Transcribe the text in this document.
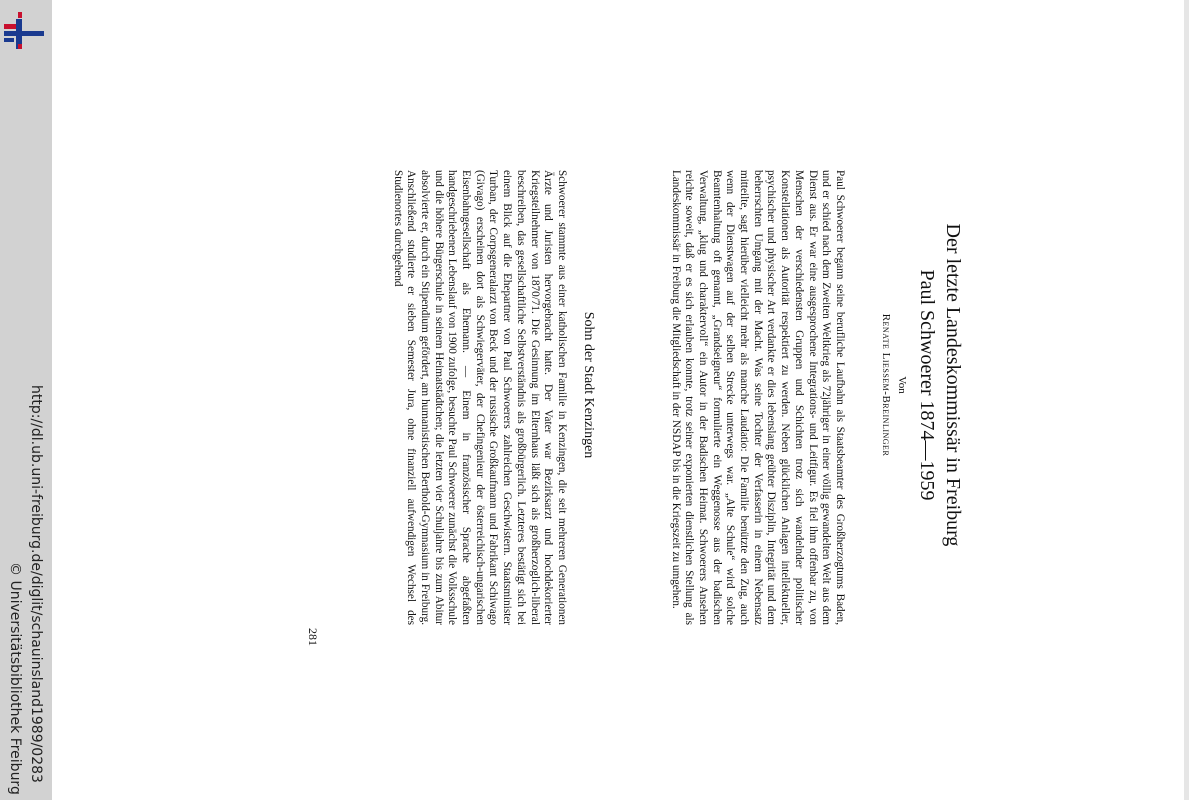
http://dl.ub.uni-freiburg.de/diglit/schauinsland1989/0283
© Universitätsbibliothek Freiburg
Der letzte Landeskommissär in Freiburg
Paul Schwoerer 1874—1959
Von
Renate Liessem-Breinlinger
Paul Schwoerer begann seine berufliche Laufbahn als Staatsbeamter des Großherzogtums Baden, und er schied nach dem Zweiten Weltkrieg als 72jähriger in einer völlig gewandelten Welt aus dem Dienst aus. Er war eine ausgesprochene Integrations- und Leitfigur. Es fiel ihm offenbar zu, von Menschen der verschiedensten Gruppen und Schichten trotz sich wandelnder politischer Konstellationen als Autorität respektiert zu werden. Neben glücklichen Anlagen intellektueller, psychischer und physischer Art verdankte er dies lebenslang geübter Disziplin, Integrität und dem beherrschten Umgang mit der Macht. Was seine Tochter der Verfasserin in einem Nebensatz mitteilte, sagt hierüber vielleicht mehr als manche Laudatio: Die Familie benützte den Zug, auch wenn der Dienstwagen auf der selben Strecke unterwegs war. „Alte Schule“ wird solche Beamtenhaltung oft genannt, „Grandseigneur“ formulierte ein Weggenosse aus der badischen Verwaltung, „klug und charaktervoll“ ein Autor in der Badischen Heimat. Schwoerers Ansehen reichte soweit, daß er es sich erlauben konnte, trotz seiner exponierten dienstlichen Stellung als Landeskommissär in Freiburg die Mitgliedschaft in der NSDAP bis in die Kriegszeit zu umgehen.
Sohn der Stadt Kenzingen
Schwoerer stammte aus einer katholischen Familie in Kenzingen, die seit mehreren Generationen Ärzte und Juristen hervorgebracht hatte. Der Vater war Bezirksarzt und hochdekorierter Kriegsteilnehmer von 1870/71. Die Gesinnung im Elternhaus läßt sich als großherzoglich-liberal beschreiben, das gesellschaftliche Selbstverständnis als großbürgerlich. Letzteres bestätigt sich bei einem Blick auf die Ehepartner von Paul Schwoerers zahlreichen Geschwistern. Staatsminister Turban, der Corpsgeneralarzt von Beck und der russische Großkaufmann und Fabrikant Schiwago (Givago) erscheinen dort als Schwiegerväter, der Chefingenieur der österreichisch-ungarischen Eisenbahngesellschaft als Ehemann. — Einem in französischer Sprache abgefaßten handgeschriebenen Lebenslauf von 1900 zufolge, besuchte Paul Schwoerer zunächst die Volksschule und die höhere Bürgerschule in seinem Heimatstädtchen; die letzten vier Schuljahre bis zum Abitur absolvierte er, durch ein Stipendium gefördert, am humanistischen Berthold-Gymnasium in Freiburg. Anschließend studierte er sieben Semester Jura, ohne finanziell aufwendigen Wechsel des Studienortes durchgehend
281
